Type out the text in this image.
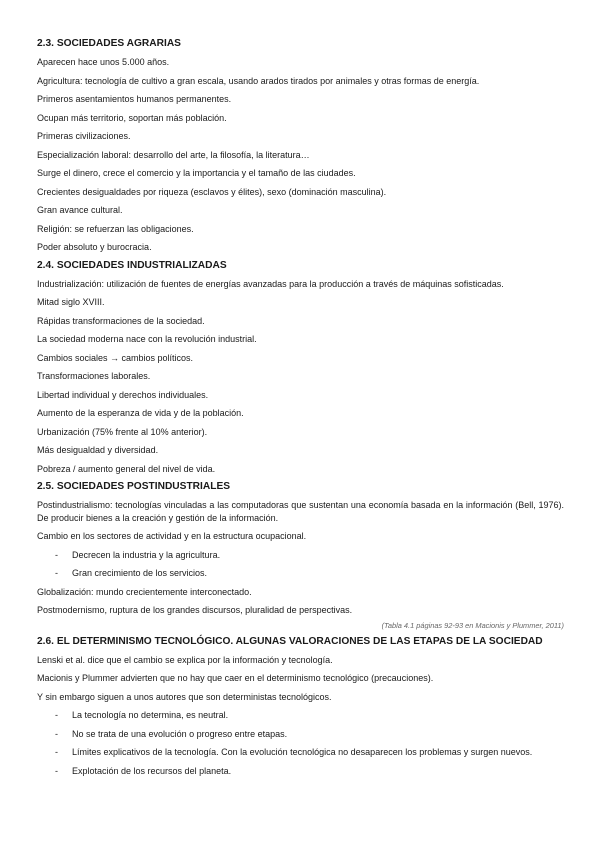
2.3. SOCIEDADES AGRARIAS

Aparecen hace unos 5.000 años.

Agricultura: tecnología de cultivo a gran escala, usando arados tirados por animales y otras formas de energía.

Primeros asentamientos humanos permanentes.

Ocupan más territorio, soportan más población.

Primeras civilizaciones.

Especialización laboral: desarrollo del arte, la filosofía, la literatura…

Surge el dinero, crece el comercio y la importancia y el tamaño de las ciudades.

Crecientes desigualdades por riqueza (esclavos y élites), sexo (dominación masculina).

Gran avance cultural.

Religión: se refuerzan las obligaciones.

Poder absoluto y burocracia.

2.4. SOCIEDADES INDUSTRIALIZADAS

Industrialización: utilización de fuentes de energías avanzadas para la producción a través de máquinas sofisticadas.

Mitad siglo XVIII.

Rápidas transformaciones de la sociedad.

La sociedad moderna nace con la revolución industrial.

Cambios sociales → cambios políticos.

Transformaciones laborales.

Libertad individual y derechos individuales.

Aumento de la esperanza de vida y de la población.

Urbanización (75% frente al 10% anterior).

Más desigualdad y diversidad.

Pobreza / aumento general del nivel de vida.

2.5. SOCIEDADES POSTINDUSTRIALES

Postindustrialismo: tecnologías vinculadas a las computadoras que sustentan una economía basada en la información (Bell, 1976). De producir bienes a la creación y gestión de la información.

Cambio en los sectores de actividad y en la estructura ocupacional.

- Decrecen la industria y la agricultura.
- Gran crecimiento de los servicios.

Globalización: mundo crecientemente interconectado.

Postmodernismo, ruptura de los grandes discursos, pluralidad de perspectivas.

(Tabla 4.1 páginas 92-93 en Macionis y Plummer, 2011)

2.6. EL DETERMINISMO TECNOLÓGICO. ALGUNAS VALORACIONES DE LAS ETAPAS DE LA SOCIEDAD

Lenski et al. dice que el cambio se explica por la información y tecnología.

Macionis y Plummer advierten que no hay que caer en el determinismo tecnológico (precauciones).

Y sin embargo siguen a unos autores que son deterministas tecnológicos.

- La tecnología no determina, es neutral.
- No se trata de una evolución o progreso entre etapas.
- Límites explicativos de la tecnología. Con la evolución tecnológica no desaparecen los problemas y surgen nuevos.
- Explotación de los recursos del planeta.
